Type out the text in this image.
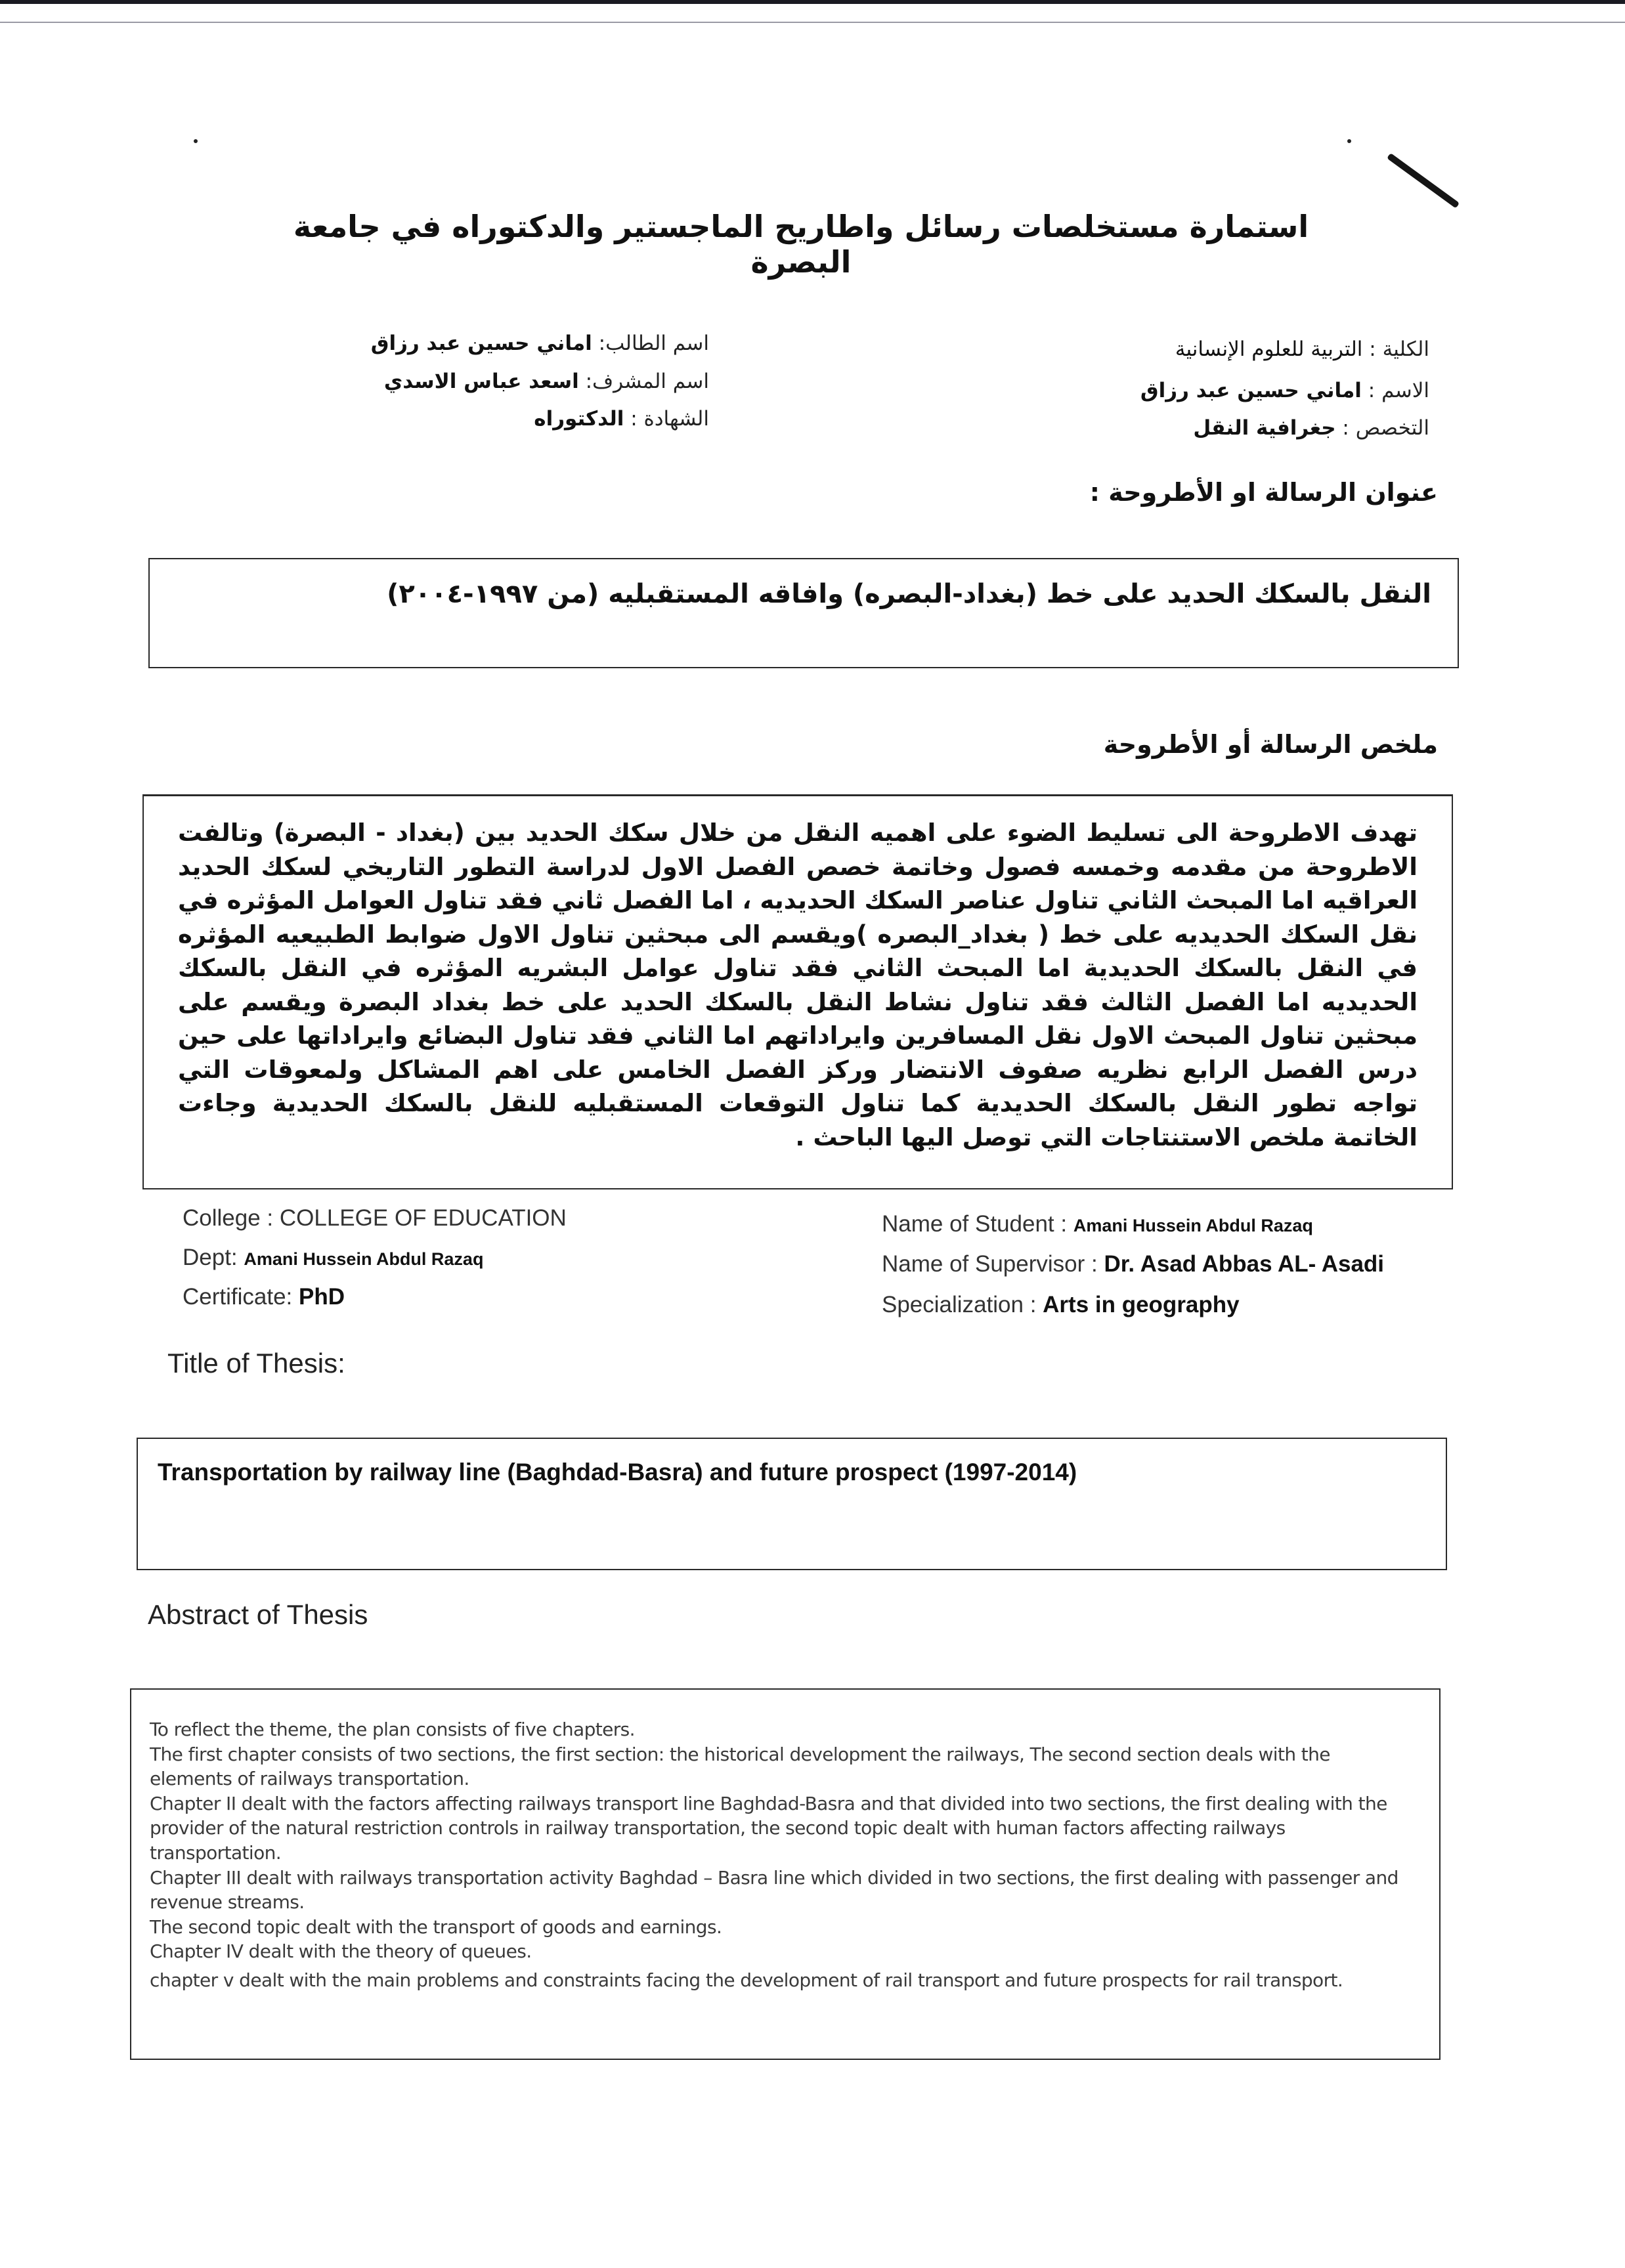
استمارة مستخلصات رسائل واطاريح الماجستير والدكتوراه في جامعة البصرة
اسم الطالب: اماني حسين عبد رزاق
اسم المشرف: اسعد عباس الاسدي
الشهادة : الدكتوراه
الكلية : التربية للعلوم الإنسانية
الاسم : اماني حسين عبد رزاق
التخصص : جغرافية النقل
عنوان الرسالة او الأطروحة :
النقل بالسكك الحديد على خط (بغداد-البصره) وافاقه المستقبليه (من ١٩٩٧-٢٠٠٤)
ملخص الرسالة أو الأطروحة
تهدف الاطروحة الى تسليط الضوء على اهميه النقل من خلال سكك الحديد بين (بغداد - البصرة) وتالفت الاطروحة من مقدمه وخمسه فصول وخاتمة خصص الفصل الاول لدراسة التطور التاريخي لسكك الحديد العراقيه اما المبحث الثاني تناول عناصر السكك الحديديه ، اما الفصل ثاني فقد تناول العوامل المؤثره في نقل السكك الحديديه على خط ( بغداد_البصره )ويقسم الى مبحثين تناول الاول ضوابط الطبيعيه المؤثره في النقل بالسكك الحديدية اما المبحث الثاني فقد تناول عوامل البشريه المؤثره في النقل بالسكك الحديديه اما الفصل الثالث فقد تناول نشاط النقل بالسكك الحديد على خط بغداد البصرة ويقسم على مبحثين تناول المبحث الاول نقل المسافرين وايراداتهم اما الثاني فقد تناول البضائع وايراداتها على حين درس الفصل الرابع نظريه صفوف الانتضار وركز الفصل الخامس على اهم المشاكل ولمعوقات التي تواجه تطور النقل بالسكك الحديدية كما تناول التوقعات المستقبليه للنقل بالسكك الحديدية وجاءت الخاتمة ملخص الاستنتاجات التي توصل اليها الباحث .
College : COLLEGE OF EDUCATION
Dept: Amani Hussein Abdul Razaq
Certificate: PhD
Name of Student : Amani Hussein Abdul Razaq
Name of Supervisor : Dr. Asad Abbas AL- Asadi
Specialization : Arts in geography
Title of Thesis:
Transportation by railway line (Baghdad-Basra) and future prospect (1997-2014)
Abstract of Thesis

To reflect the theme, the plan consists of five chapters.

The first chapter consists of two sections, the first section: the historical development the railways, The second section deals with the elements of railways transportation.

Chapter II dealt with the factors affecting railways transport line Baghdad-Basra and that divided into two sections, the first dealing with the provider of the natural restriction controls in railway transportation, the second topic dealt with human factors affecting railways transportation.

Chapter III dealt with railways transportation activity Baghdad – Basra line which divided in two sections, the first dealing with passenger and revenue streams.

The second topic dealt with the transport of goods and earnings.

Chapter IV dealt with the theory of queues.

chapter v dealt with the main problems and constraints facing the development of rail transport and future prospects for rail transport.
